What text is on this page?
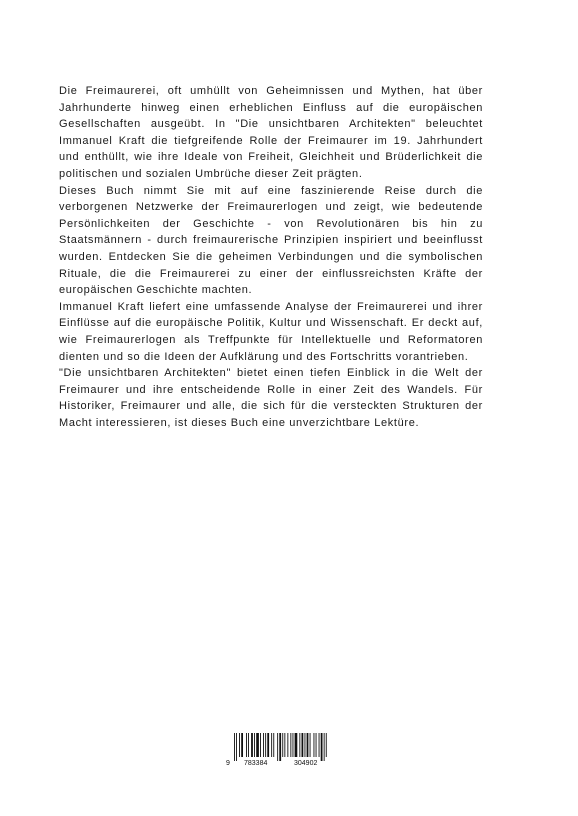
Die Freimaurerei, oft umhüllt von Geheimnissen und Mythen, hat über Jahrhunderte hinweg einen erheblichen Einfluss auf die europäischen Gesellschaften ausgeübt. In "Die unsichtbaren Architekten" beleuchtet Immanuel Kraft die tiefgreifende Rolle der Freimaurer im 19. Jahrhundert und enthüllt, wie ihre Ideale von Freiheit, Gleichheit und Brüderlichkeit die politischen und sozialen Umbrüche dieser Zeit prägten.

Dieses Buch nimmt Sie mit auf eine faszinierende Reise durch die verborgenen Netzwerke der Freimaurerlogen und zeigt, wie bedeutende Persönlichkeiten der Geschichte - von Revolutionären bis hin zu Staatsmännern - durch freimaurerische Prinzipien inspiriert und beeinflusst wurden. Entdecken Sie die geheimen Verbindungen und die symbolischen Rituale, die die Freimaurerei zu einer der einflussreichsten Kräfte der europäischen Geschichte machten.

Immanuel Kraft liefert eine umfassende Analyse der Freimaurerei und ihrer Einflüsse auf die europäische Politik, Kultur und Wissenschaft. Er deckt auf, wie Freimaurerlogen als Treffpunkte für Intellektuelle und Reformatoren dienten und so die Ideen der Aufklärung und des Fortschritts vorantrieben.

"Die unsichtbaren Architekten" bietet einen tiefen Einblick in die Welt der Freimaurer und ihre entscheidende Rolle in einer Zeit des Wandels. Für Historiker, Freimaurer und alle, die sich für die versteckten Strukturen der Macht interessieren, ist dieses Buch eine unverzichtbare Lektüre.

9 783384	304902
